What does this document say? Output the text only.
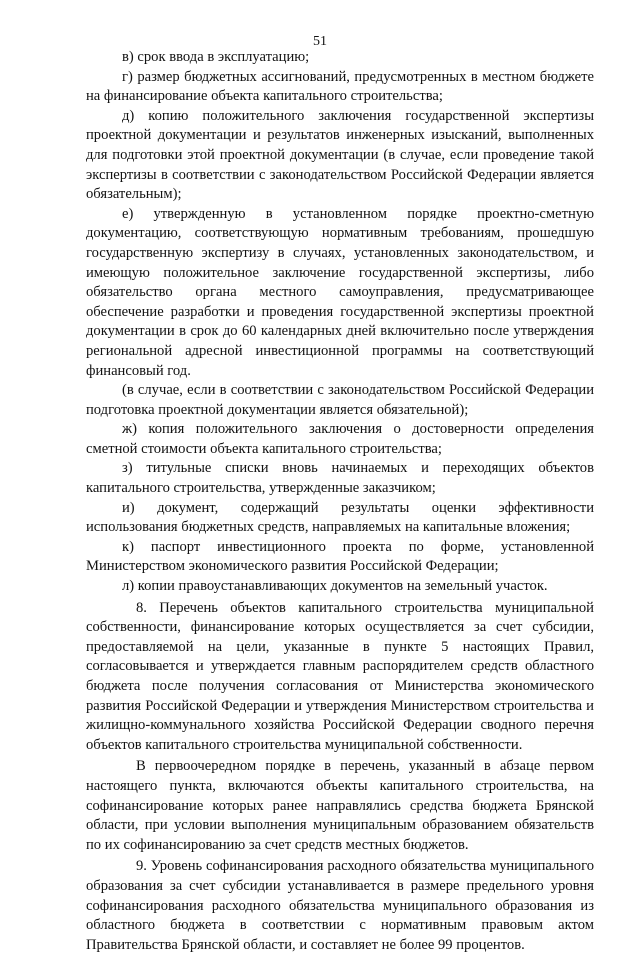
51

в) срок ввода в эксплуатацию;

г) размер бюджетных ассигнований, предусмотренных в местном бюджете на финансирование объекта капитального строительства;

д) копию положительного заключения государственной экспертизы проектной документации и результатов инженерных изысканий, выполненных для подготовки этой проектной документации (в случае, если проведение такой экспертизы в соответствии с законодательством Российской Федерации является обязательным);

е) утвержденную в установленном порядке проектно-сметную документацию, соответствующую нормативным требованиям, прошедшую государственную экспертизу в случаях, установленных законодательством, и имеющую положительное заключение государственной экспертизы, либо обязательство органа местного самоуправления, предусматривающее обеспечение разработки и проведения государственной экспертизы проектной документации в срок до 60 календарных дней включительно после утверждения региональной адресной инвестиционной программы на соответствующий финансовый год.

(в случае, если в соответствии с законодательством Российской Федерации подготовка проектной документации является обязательной);

ж) копия положительного заключения о достоверности определения сметной стоимости объекта капитального строительства;

з) титульные списки вновь начинаемых и переходящих объектов капитального строительства, утвержденные заказчиком;

и) документ, содержащий результаты оценки эффективности использования бюджетных средств, направляемых на капитальные вложения;

к) паспорт инвестиционного проекта по форме, установленной Министерством экономического развития Российской Федерации;

л) копии правоустанавливающих документов на земельный участок.

8. Перечень объектов капитального строительства муниципальной собственности, финансирование которых осуществляется за счет субсидии, предоставляемой на цели, указанные в пункте 5 настоящих Правил, согласовывается и утверждается главным распорядителем средств областного бюджета после получения согласования от Министерства экономического развития Российской Федерации и утверждения Министерством строительства и жилищно-коммунального хозяйства Российской Федерации сводного перечня объектов капитального строительства муниципальной собственности.

В первоочередном порядке в перечень, указанный в абзаце первом настоящего пункта, включаются объекты капитального строительства, на софинансирование которых ранее направлялись средства бюджета Брянской области, при условии выполнения муниципальным образованием обязательств по их софинансированию за счет средств местных бюджетов.

9. Уровень софинансирования расходного обязательства муниципального образования за счет субсидии устанавливается в размере предельного уровня софинансирования расходного обязательства муниципального образования из областного бюджета в соответствии с нормативным правовым актом Правительства Брянской области, и составляет не более 99 процентов.
